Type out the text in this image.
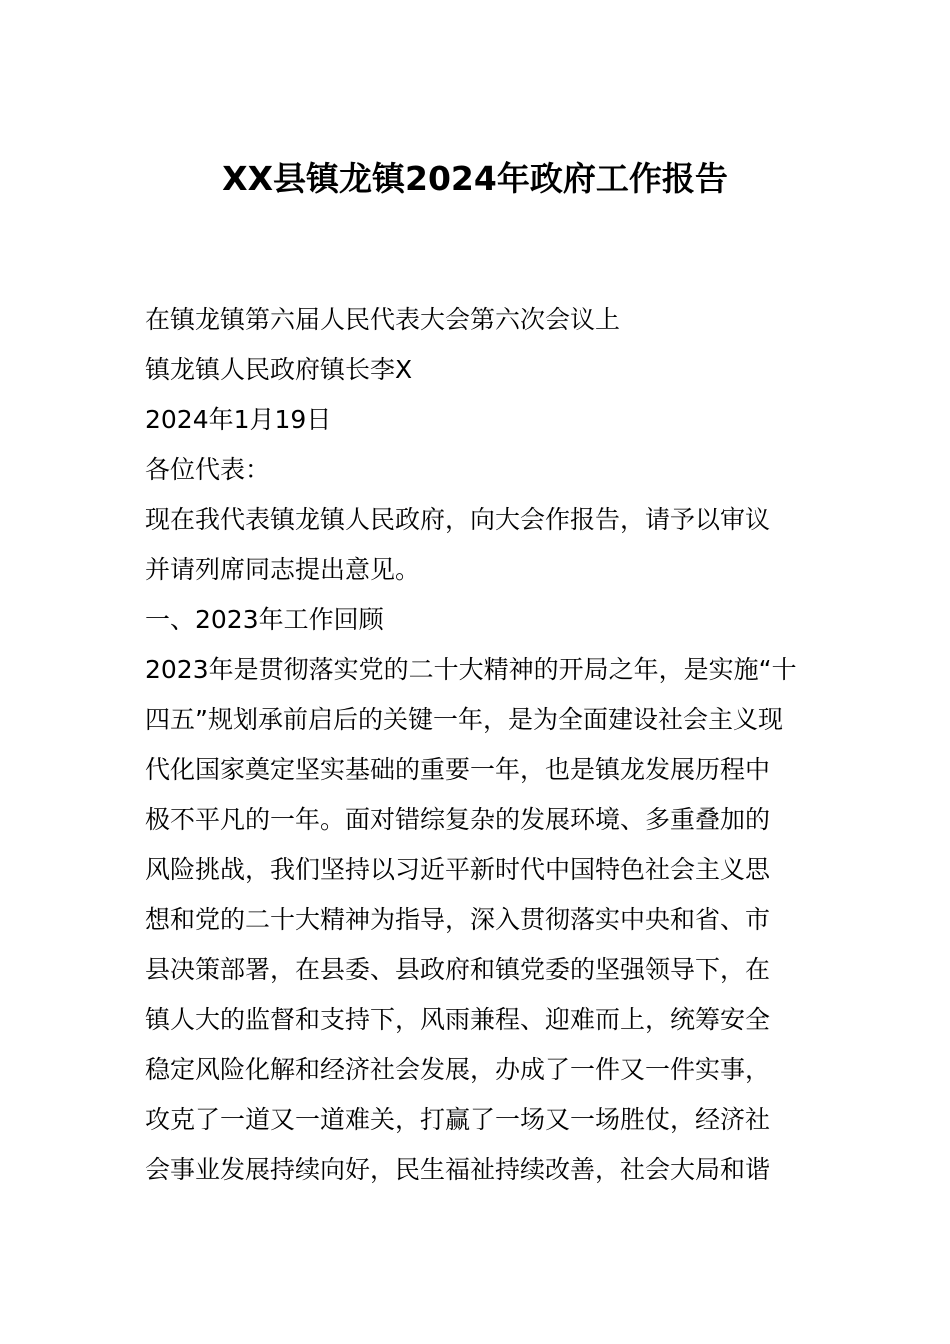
XX县镇龙镇2024年政府工作报告
在镇龙镇第六届人民代表大会第六次会议上
镇龙镇人民政府镇长李X
2024年1月19日
各位代表：
现在我代表镇龙镇人民政府，向大会作报告，请予以审议
并请列席同志提出意见。
一、2023年工作回顾
2023年是贯彻落实党的二十大精神的开局之年，是实施“十
四五”规划承前启后的关键一年，是为全面建设社会主义现
代化国家奠定坚实基础的重要一年，也是镇龙发展历程中
极不平凡的一年。面对错综复杂的发展环境、多重叠加的
风险挑战，我们坚持以习近平新时代中国特色社会主义思
想和党的二十大精神为指导，深入贯彻落实中央和省、市
县决策部署，在县委、县政府和镇党委的坚强领导下，在
镇人大的监督和支持下，风雨兼程、迎难而上，统筹安全
稳定风险化解和经济社会发展，办成了一件又一件实事，
攻克了一道又一道难关，打赢了一场又一场胜仗，经济社
会事业发展持续向好，民生福祉持续改善，社会大局和谐
